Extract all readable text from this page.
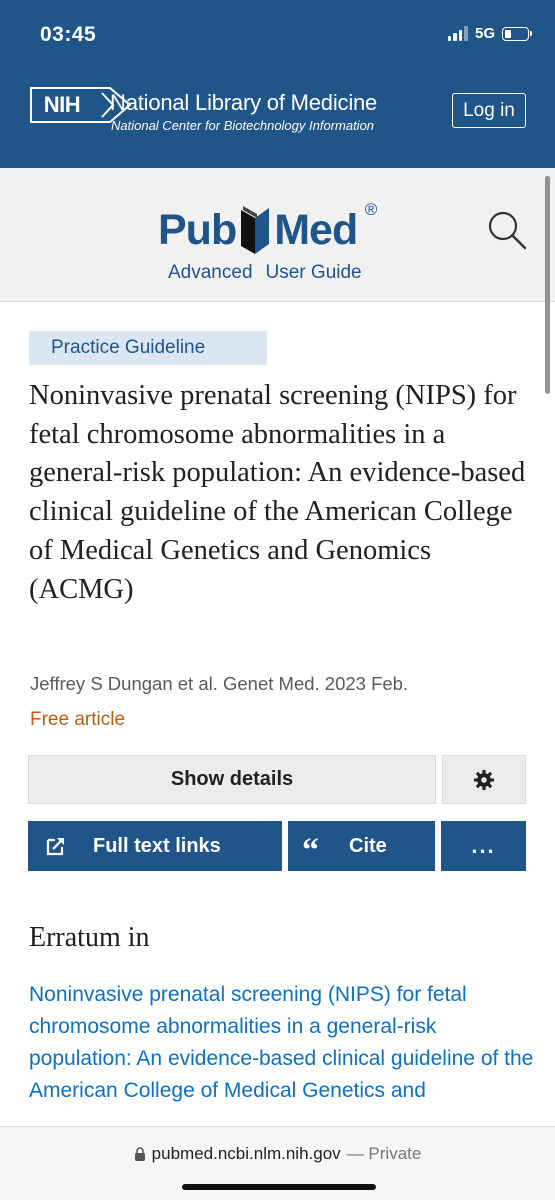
03:45	5G
NIH	National Library of Medicine
National Center for Biotechnology Information
Log in
Pub Med ®
Advanced User Guide
Practice Guideline
Noninvasive prenatal screening (NIPS) for fetal chromosome abnormalities in a general-risk population: An evidence-based clinical guideline of the American College of Medical Genetics and Genomics (ACMG)
Jeffrey S Dungan et al. Genet Med. 2023 Feb.
Free article
Show details
Full text links “ Cite	...
Erratum in
Noninvasive prenatal screening (NIPS) for fetal chromosome abnormalities in a general-risk population: An evidence-based clinical guideline of the American College of Medical Genetics and
pubmed.ncbi.nlm.nih.gov — Private
